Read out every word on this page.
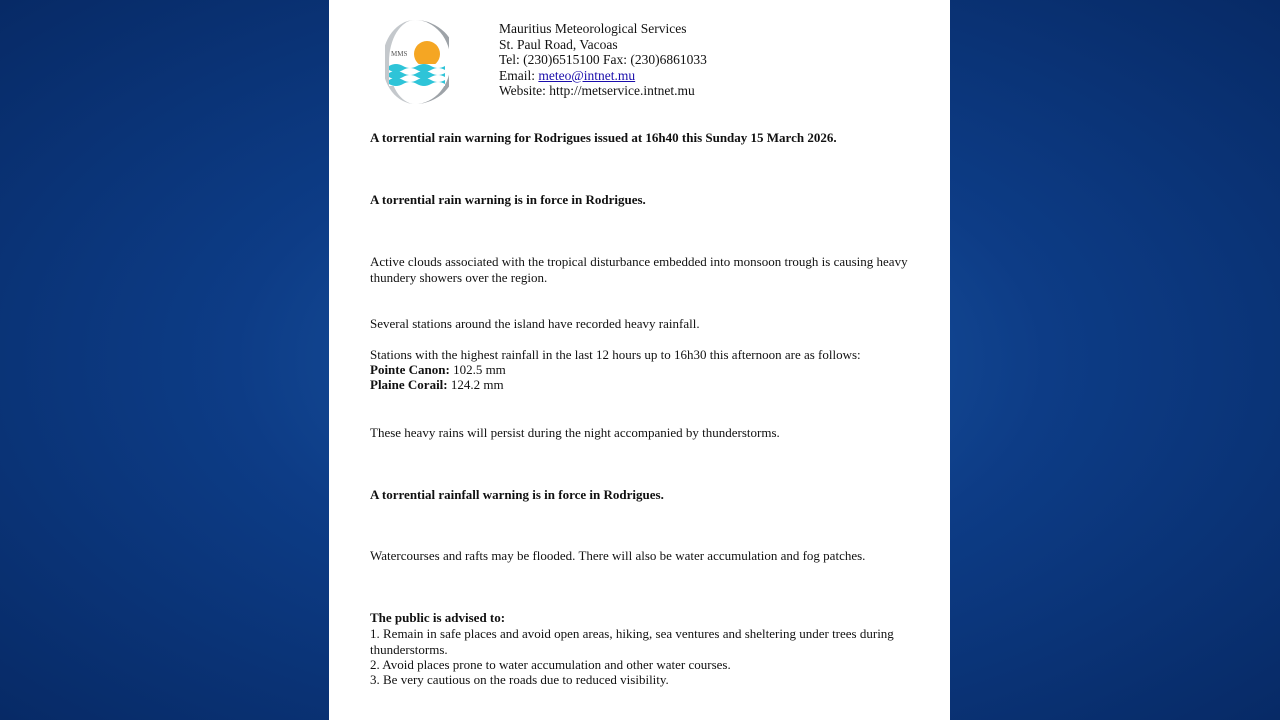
MMS
Mauritius Meteorological Services
St. Paul Road, Vacoas
Tel: (230)6515100 Fax: (230)6861033
Email: meteo@intnet.mu
Website: http://metservice.intnet.mu
A torrential rain warning for Rodrigues issued at 16h40 this Sunday 15 March 2026.
A torrential rain warning is in force in Rodrigues.
Active clouds associated with the tropical disturbance embedded into monsoon trough is causing heavy thundery showers over the region.
Several stations around the island have recorded heavy rainfall.
Stations with the highest rainfall in the last 12 hours up to 16h30 this afternoon are as follows:
Pointe Canon: 102.5 mm
Plaine Corail: 124.2 mm
These heavy rains will persist during the night accompanied by thunderstorms.
A torrential rainfall warning is in force in Rodrigues.
Watercourses and rafts may be flooded. There will also be water accumulation and fog patches.
The public is advised to:
1. Remain in safe places and avoid open areas, hiking, sea ventures and sheltering under trees during thunderstorms.
2. Avoid places prone to water accumulation and other water courses.
3. Be very cautious on the roads due to reduced visibility.
